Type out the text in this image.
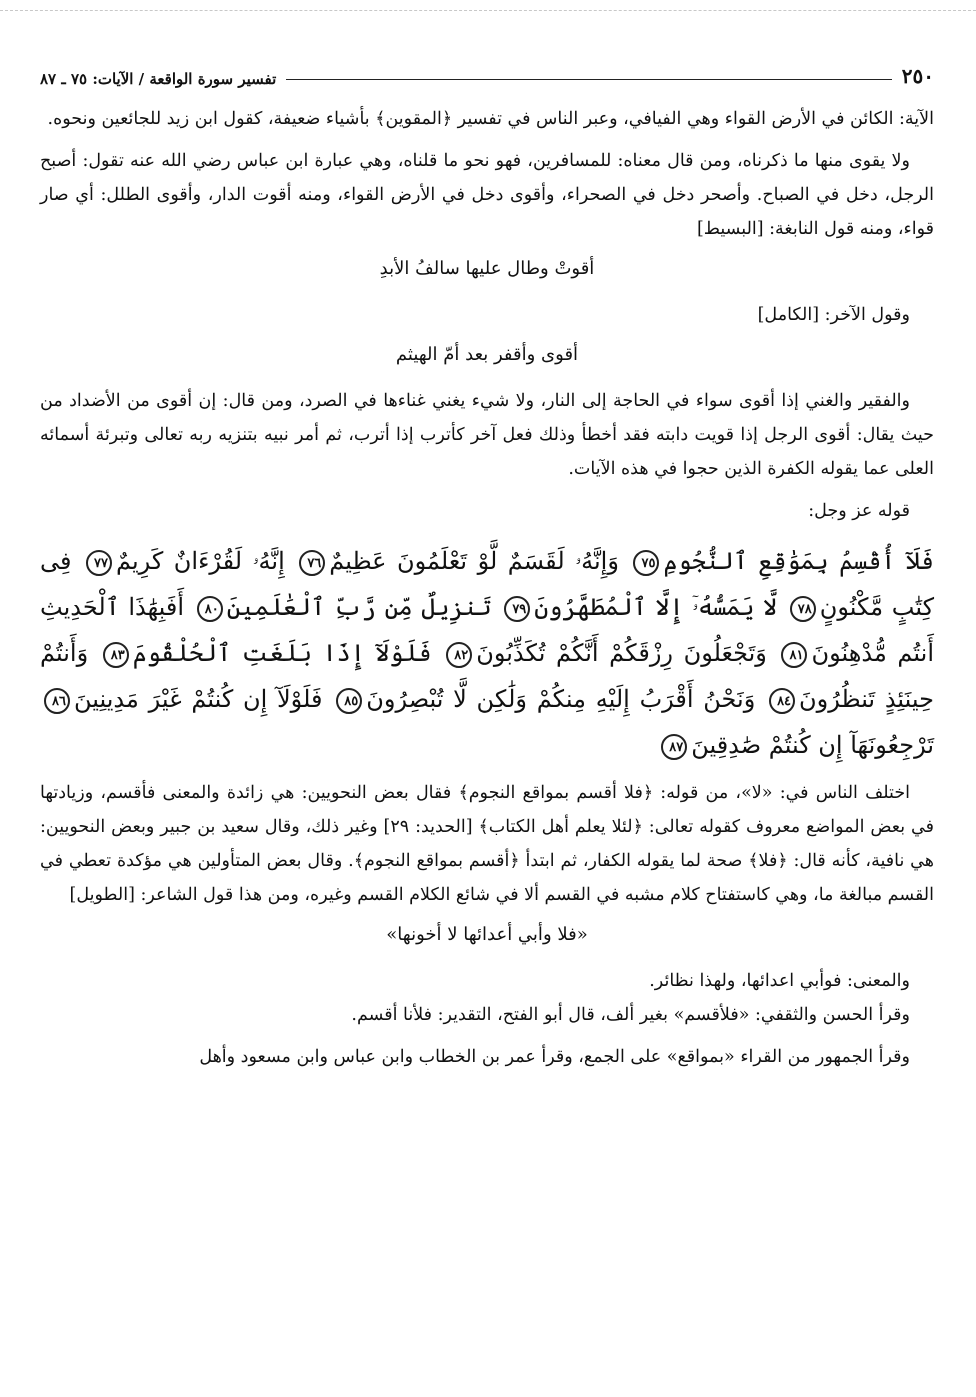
٢٥٠
تفسير سورة الواقعة / الآيات: ٧٥ ـ ٨٧

الآية: الكائن في الأرض القواء وهي الفيافي، وعبر الناس في تفسير ﴿المقوين﴾ بأشياء ضعيفة، كقول ابن زيد للجائعين ونحوه.

ولا يقوى منها ما ذكرناه، ومن قال معناه: للمسافرين، فهو نحو ما قلناه، وهي عبارة ابن عباس رضي الله عنه تقول: أصبح الرجل، دخل في الصباح. وأصحر دخل في الصحراء، وأقوى دخل في الأرض القواء، ومنه أقوت الدار، وأقوى الطلل: أي صار قواء، ومنه قول النابغة: [البسيط]

أقوتْ وطال عليها سالفُ الأبدِ

وقول الآخر: [الكامل]

أقوى وأقفر بعد أمّ الهيثم

والفقير والغني إذا أقوى سواء في الحاجة إلى النار، ولا شيء يغني غناءها في الصرد، ومن قال: إن أقوى من الأضداد من حيث يقال: أقوى الرجل إذا قويت دابته فقد أخطأ وذلك فعل آخر كأترب إذا أترب، ثم أمر نبيه بتنزيه ربه تعالى وتبرئة أسمائه العلى عما يقوله الكفرة الذين حجوا في هذه الآيات.

قوله عز وجل:

فَلَآ أُقْسِمُ بِمَوَٰقِعِ ٱلنُّجُومِ٧٥ وَإِنَّهُۥ لَقَسَمٌ لَّوْ تَعْلَمُونَ عَظِيمٌ٧٦ إِنَّهُۥ لَقُرْءَانٌ كَرِيمٌ٧٧ فِى كِتَٰبٍ مَّكْنُونٍ٧٨ لَّا يَمَسُّهُۥٓ إِلَّا ٱلْمُطَهَّرُونَ٧٩ تَنزِيلٌ مِّن رَّبِّ ٱلْعَٰلَمِينَ٨٠ أَفَبِهَٰذَا ٱلْحَدِيثِ أَنتُم مُّدْهِنُونَ٨١ وَتَجْعَلُونَ رِزْقَكُمْ أَنَّكُمْ تُكَذِّبُونَ٨٢ فَلَوْلَآ إِذَا بَلَغَتِ ٱلْحُلْقُومَ٨٣ وَأَنتُمْ حِينَئِذٍ تَنظُرُونَ٨٤ وَنَحْنُ أَقْرَبُ إِلَيْهِ مِنكُمْ وَلَٰكِن لَّا تُبْصِرُونَ٨٥ فَلَوْلَآ إِن كُنتُمْ غَيْرَ مَدِينِينَ٨٦ تَرْجِعُونَهَآ إِن كُنتُمْ صَٰدِقِينَ٨٧

اختلف الناس في: «لا»، من قوله: ﴿فلا أقسم بمواقع النجوم﴾ فقال بعض النحويين: هي زائدة والمعنى فأقسم، وزيادتها في بعض المواضع معروف كقوله تعالى: ﴿لئلا يعلم أهل الكتاب﴾ [الحديد: ٢٩] وغير ذلك، وقال سعيد بن جبير وبعض النحويين: هي نافية، كأنه قال: ﴿فلا﴾ صحة لما يقوله الكفار، ثم ابتدأ ﴿أقسم بمواقع النجوم﴾. وقال بعض المتأولين هي مؤكدة تعطي في القسم مبالغة ما، وهي كاستفتاح كلام مشبه في القسم ألا في شائع الكلام القسم وغيره، ومن هذا قول الشاعر: [الطويل]

«فلا وأبي أعدائها لا أخونها»

والمعنى: فوأبي اعدائها، ولهذا نظائر.

وقرأ الحسن والثقفي: «فلأقسم» بغير ألف، قال أبو الفتح، التقدير: فلأنا أقسم.

وقرأ الجمهور من القراء «بمواقع» على الجمع، وقرأ عمر بن الخطاب وابن عباس وابن مسعود وأهل
